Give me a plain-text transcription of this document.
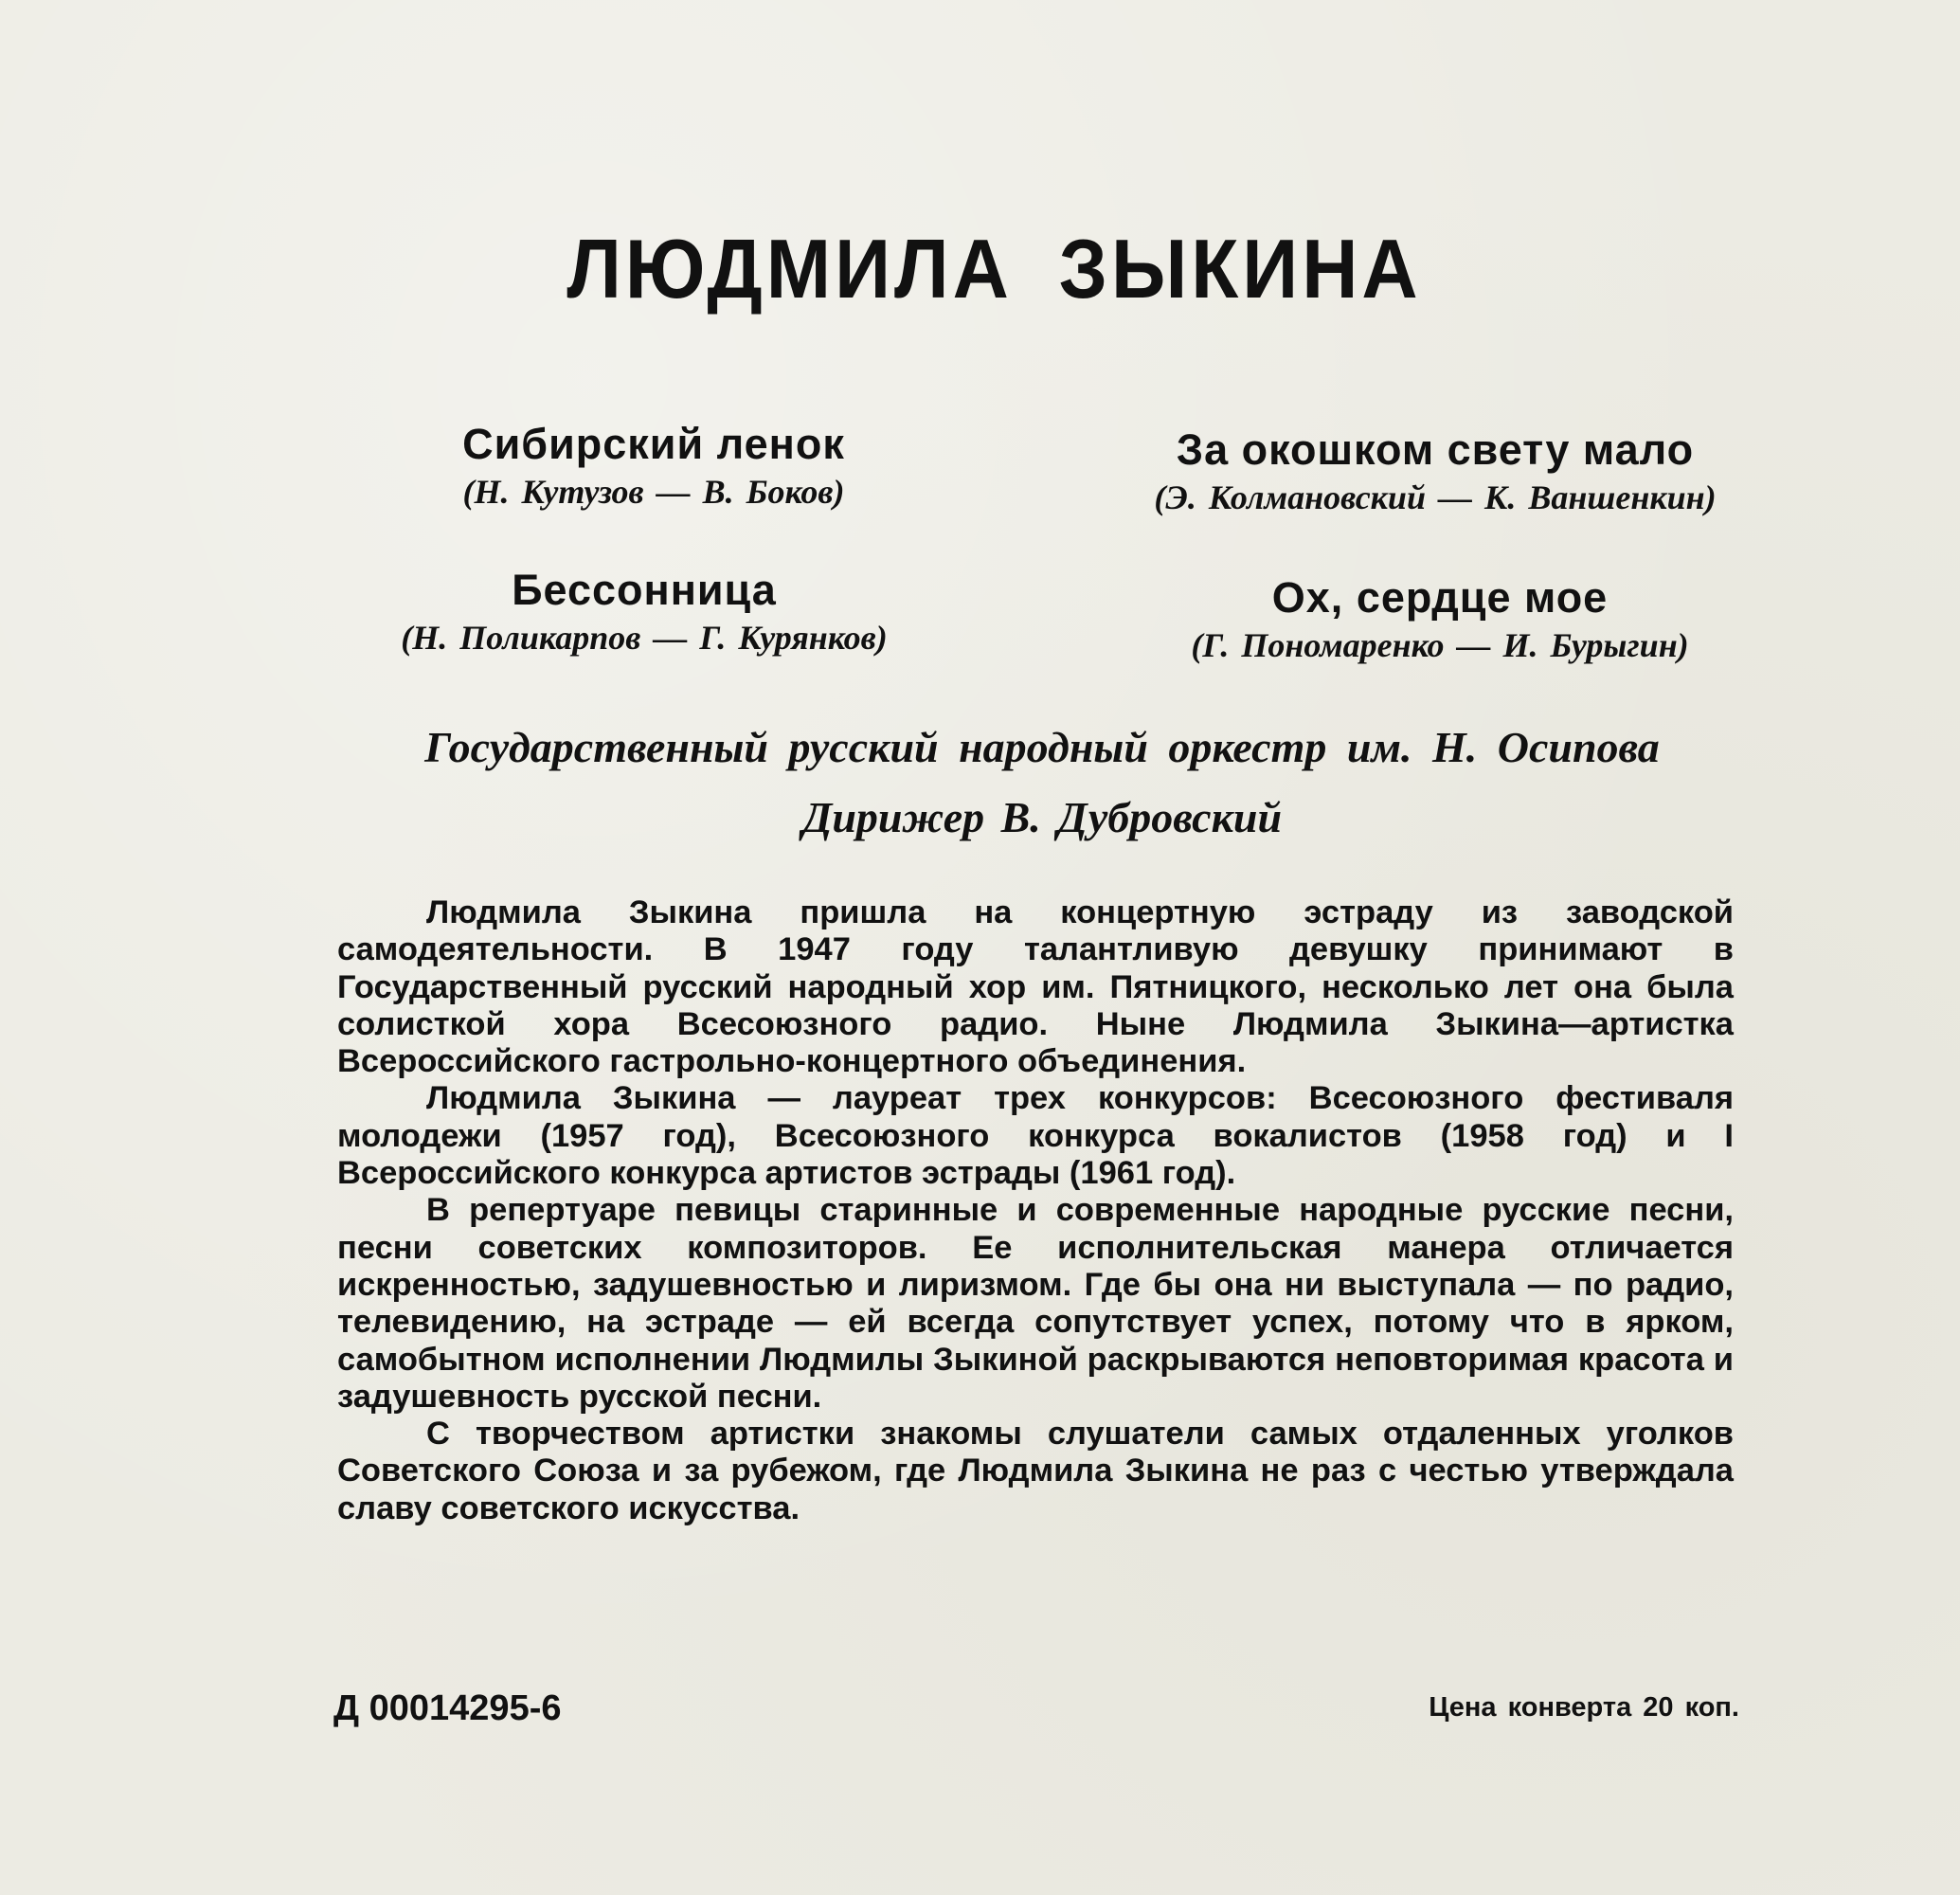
ЛЮДМИЛА ЗЫКИНА
Сибирский ленок
(Н. Кутузов — В. Боков)
За окошком свету мало
(Э. Колмановский — К. Ваншенкин)
Бессонница
(Н. Поликарпов — Г. Курянков)
Ох, сердце мое
(Г. Пономаренко — И. Бурыгин)
Государственный русский народный оркестр им. Н. Осипова
Дирижер В. Дубровский

Людмила Зыкина пришла на концертную эстраду из заводской самодеятельности. В 1947 году талантливую девушку принимают в Государственный русский народный хор им. Пятницкого, несколько лет она была солисткой хора Всесоюзного радио. Ныне Людмила Зыкина—артистка Всероссийского гастрольно-концертного объединения.

Людмила Зыкина — лауреат трех конкурсов: Всесоюзного фестиваля молодежи (1957 год), Всесоюзного конкурса вокалистов (1958 год) и I Всероссийского конкурса артистов эстрады (1961 год).

В репертуаре певицы старинные и современные народные русские песни, песни советских композиторов. Ее исполнительская манера отличается искренностью, задушевностью и лиризмом. Где бы она ни выступала — по радио, телевидению, на эстраде — ей всегда сопутствует успех, потому что в ярком, самобытном исполнении Людмилы Зыкиной раскрываются неповторимая красота и задушевность русской песни.

С творчеством артистки знакомы слушатели самых отдаленных уголков Советского Союза и за рубежом, где Людмила Зыкина не раз с честью утверждала славу советского искусства.

Д 00014295-6	Цена конверта 20 коп.
